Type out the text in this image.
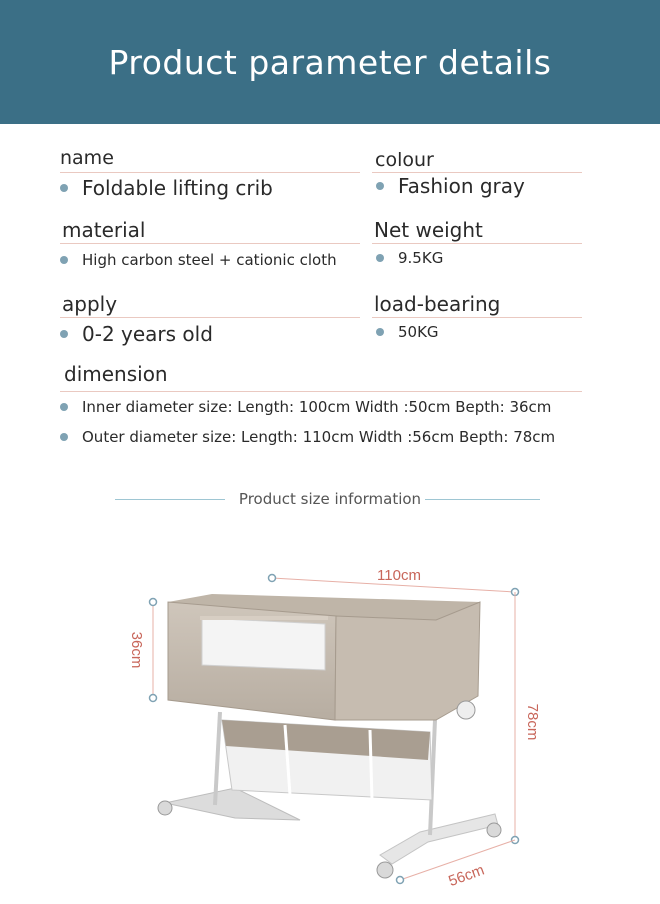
Product parameter details
name
Foldable lifting crib
colour
Fashion gray
material
High carbon steel + cationic cloth
Net weight
9.5KG
apply
0-2 years old
load-bearing
50KG
dimension
Inner diameter size: Length: 100cm Width :50cm Bepth: 36cm
Outer diameter size: Length: 110cm Width :56cm Bepth: 78cm
Product size information
110cm
36cm
78cm
56cm
